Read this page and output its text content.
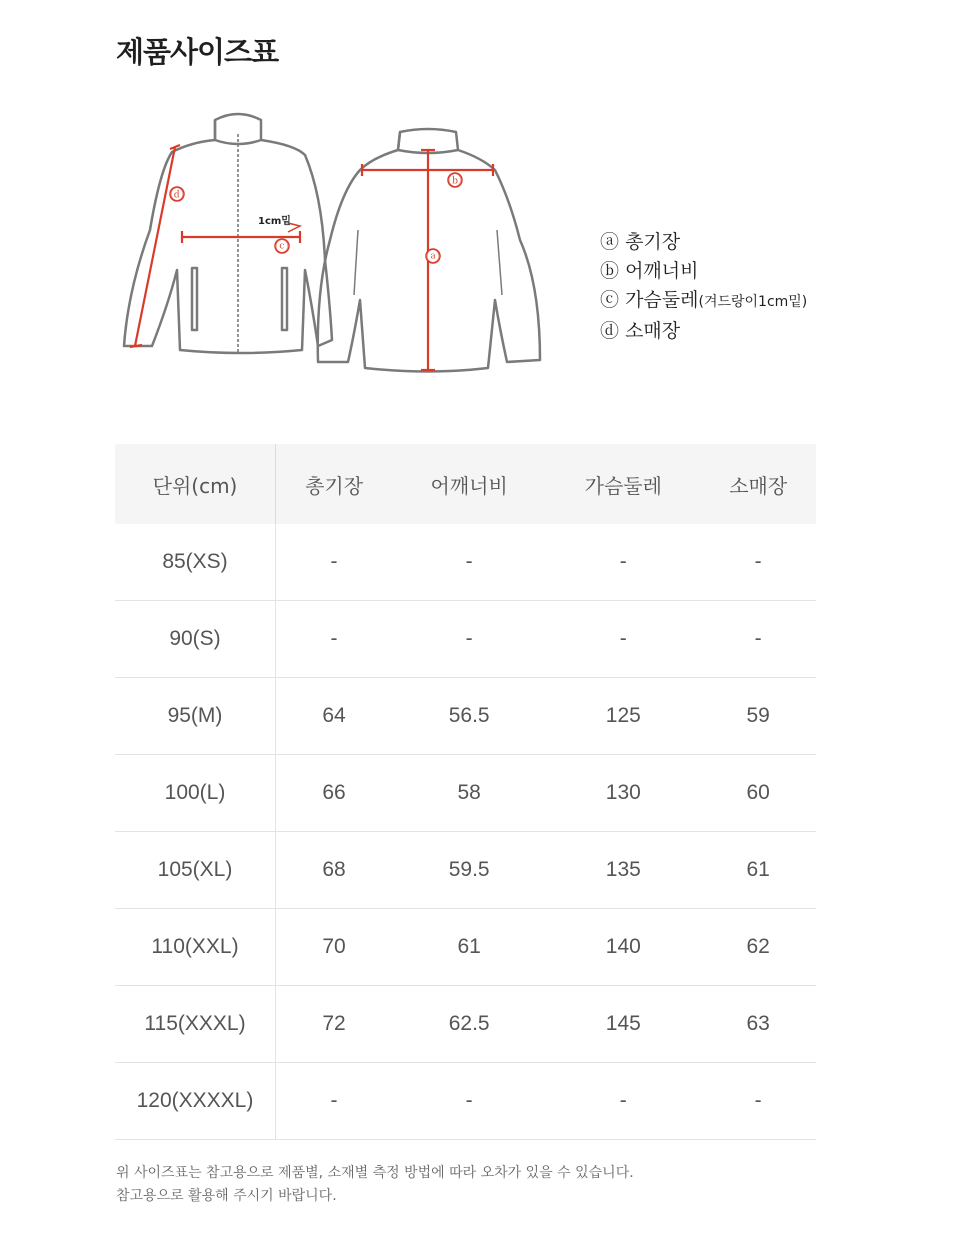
제품사이즈표
1cm밑
ⓐ
ⓑ
ⓒ
ⓓ
ⓐ 총기장
ⓑ 어깨너비
ⓒ 가슴둘레(겨드랑이1cm밑)
ⓓ 소매장
단위(cm)	총기장	어깨너비	가슴둘레	소매장
85(XS)	-	-	-	-
90(S)	-	-	-	-
95(M)	64	56.5	125	59
100(L)	66	58	130	60
105(XL)	68	59.5	135	61
110(XXL)	70	61	140	62
115(XXXL)	72	62.5	145	63
120(XXXXL)	-	-	-	-

위 사이즈표는 참고용으로 제품별, 소재별 측정 방법에 따라 오차가 있을 수 있습니다.
참고용으로 활용해 주시기 바랍니다.
